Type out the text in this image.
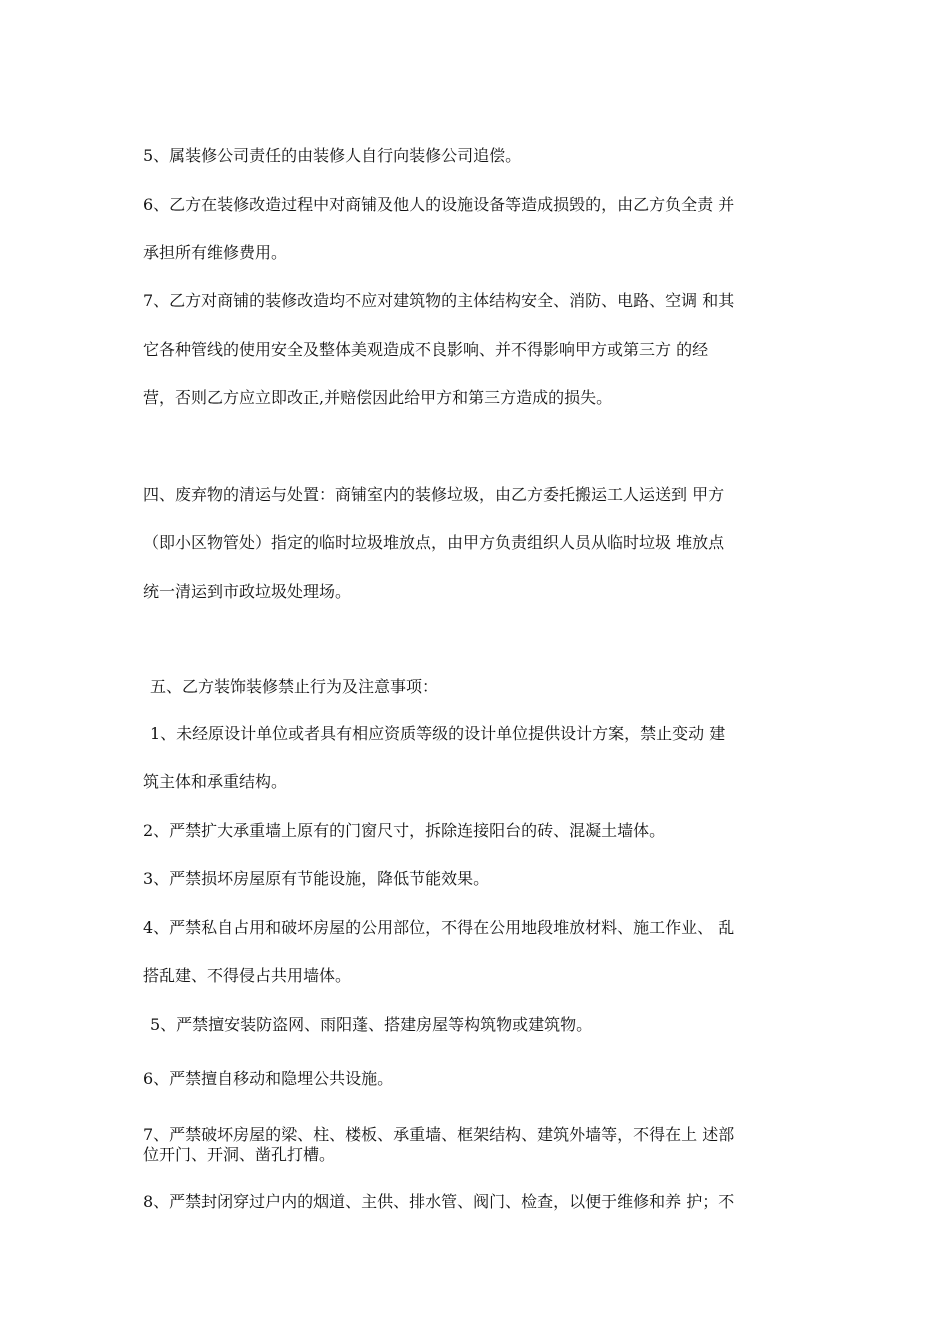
5、属装修公司责任的由装修人自行向装修公司追偿。

6、乙方在装修改造过程中对商铺及他人的设施设备等造成损毁的，由乙方负全责 并

承担所有维修费用。

7、乙方对商铺的装修改造均不应对建筑物的主体结构安全、消防、电路、空调 和其

它各种管线的使用安全及整体美观造成不良影响、并不得影响甲方或第三方 的经

营，否则乙方应立即改正,并赔偿因此给甲方和第三方造成的损失。

四、废弃物的清运与处置：商铺室内的装修垃圾，由乙方委托搬运工人运送到 甲方

（即小区物管处）指定的临时垃圾堆放点，由甲方负责组织人员从临时垃圾 堆放点

统一清运到市政垃圾处理场。

五、乙方装饰装修禁止行为及注意事项：

1、未经原设计单位或者具有相应资质等级的设计单位提供设计方案，禁止变动 建

筑主体和承重结构。

2、严禁扩大承重墙上原有的门窗尺寸，拆除连接阳台的砖、混凝土墙体。

3、严禁损坏房屋原有节能设施，降低节能效果。

4、严禁私自占用和破坏房屋的公用部位，不得在公用地段堆放材料、施工作业、 乱

搭乱建、不得侵占共用墙体。

5、严禁擅安装防盗网、雨阳蓬、搭建房屋等构筑物或建筑物。

6、严禁擅自移动和隐埋公共设施。

7、严禁破坏房屋的梁、柱、楼板、承重墙、框架结构、建筑外墙等，不得在上 述部

位开门、开洞、凿孔打槽。

8、严禁封闭穿过户内的烟道、主供、排水管、阀门、检查，以便于维修和养 护；不
